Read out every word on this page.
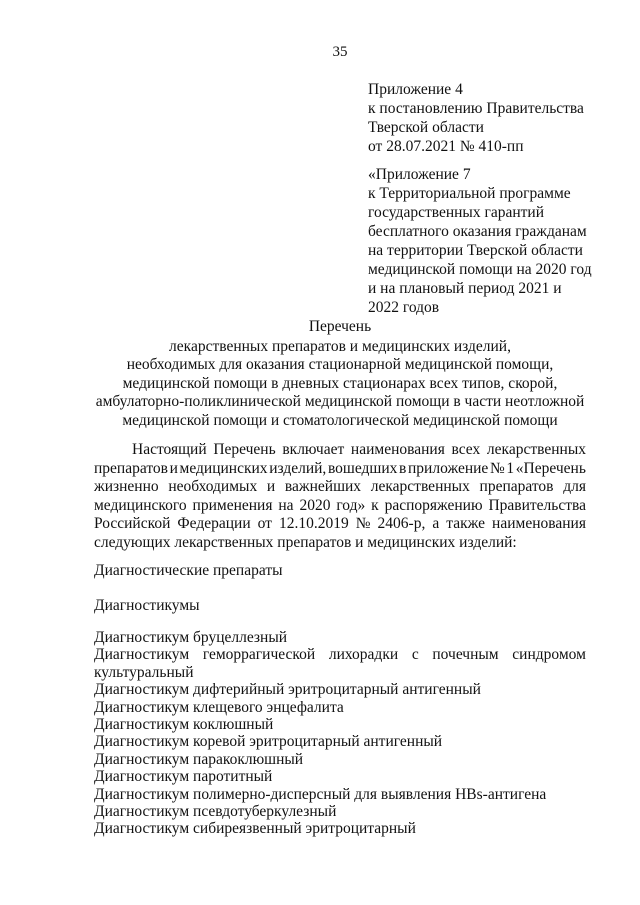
35
Приложение 4
к постановлению Правительства
Тверской области
от 28.07.2021 № 410-пп
«Приложение 7
к Территориальной программе
государственных гарантий
бесплатного оказания гражданам
на территории Тверской области
медицинской помощи на 2020 год
и на плановый период 2021 и
2022 годов
Перечень
лекарственных препаратов и медицинских изделий,
необходимых для оказания стационарной медицинской помощи,
медицинской помощи в дневных стационарах всех типов, скорой,
амбулаторно-поликлинической медицинской помощи в части неотложной
медицинской помощи и стоматологической медицинской помощи
Настоящий Перечень включает наименования всех лекарственных
препаратов и медицинских изделий, вошедших в приложение № 1 «Перечень
жизненно необходимых и важнейших лекарственных препаратов для
медицинского применения на 2020 год» к распоряжению Правительства
Российской Федерации от 12.10.2019 № 2406-р, а также наименования
следующих лекарственных препаратов и медицинских изделий:
Диагностические препараты
Диагностикумы
Диагностикум бруцеллезный
Диагностикум геморрагической лихорадки с почечным синдромом
культуральный
Диагностикум дифтерийный эритроцитарный антигенный
Диагностикум клещевого энцефалита
Диагностикум коклюшный
Диагностикум коревой эритроцитарный антигенный
Диагностикум паракоклюшный
Диагностикум паротитный
Диагностикум полимерно-дисперсный для выявления HBs-антигена
Диагностикум псевдотуберкулезный
Диагностикум сибиреязвенный эритроцитарный
